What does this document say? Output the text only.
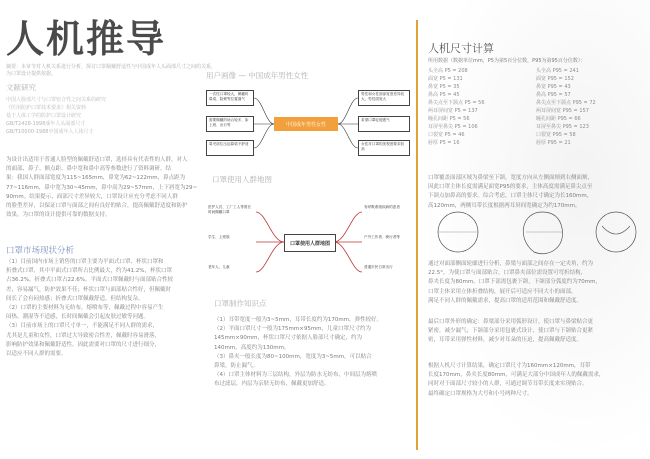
人机推导
摘要：本章节对人机关系进行分析，探讨口罩佩戴舒适性与中国成年人头面部尺寸之间的关系，
为口罩设计提供依据。
文献研究
中国人脸部尺寸与口罩密合性之间关系的研究
《医用防护口罩技术要求》相关资料
基于人体工学的防护口罩设计研究
GB/T2428-1998成年人头面部尺寸
GB/T10000-1988中国成年人人体尺寸
为设计出适用于普通人脸型的佩戴舒适口罩，选择具有代表性的人群，对人
的面部、鼻子、额点距、鼻中宽和鼻中高等参数进行了资料调研。结
果：我国人群面部宽度为115~165mm，鼻宽为62~122mm，鼻点距为
77~116mm，鼻中宽为30~45mm，鼻中高为29~57mm，上下唇宽为29~
90mm。结果提示，面部尺寸差异较大，口罩设计应充分考虑不同人群
的脸型差异，以保证口罩与面部之间有良好的贴合，提高佩戴舒适度和防护
效果，为口罩的设计提供可靠的数据支持。
口罩市场现状分析
（1）目前国内市场上销售的口罩主要为平面式口罩、杯状口罩和
折叠式口罩，其中平面式口罩所占比例最大，约为41.2%，杯状口罩
占36.2%，折叠式口罩占22.6%。平面式口罩佩戴时与面部贴合性较
差，容易漏气，防护效果不佳；杯状口罩与面部贴合性好，但佩戴时
间长了会有闷热感；折叠式口罩佩戴舒适，但结构复杂。
（2）口罩的主要材料为无纺布，熔喷布等，佩戴过程中容易产生
闷热、潮湿等不适感，长时间佩戴会引起皮肤过敏等问题。
（3）目前市场上的口罩尺寸单一，不能满足不同人群的需求，
尤其是儿童和女性，口罩过大导致密合性差，佩戴时容易滑落，
影响防护效果和佩戴舒适性。因此需要对口罩的尺寸进行细分，
以适应不同人群的需要。
用户画像 — 中国成年男性女性
一次性口罩较大，佩戴时鼻梁、脸颊等位置漏气
需要佩戴的场合较多，如上班、出行等
鼻夹部位压迫鼻梁不舒适
中国成年男性女性
男性和女性面部宽度差异较大，男性面宽大
希望口罩轻便透气
女性对口罩的美观度要求较高
口罩使用人群地图
医护人员、工厂工人等需长时间佩戴口罩
学生、上班族
老年人、儿童
口罩使用人群地图
有呼吸系统疾病的患者
户外工作者、骑行者等
普通市民日常出行
口罩制作知识点
（1）耳带宽度一般为3~5mm，耳带长度约为170mm，弹性较好。
（2）平面口罩尺寸一般为175mm×95mm，儿童口罩尺寸约为
145mm×90mm，杯状口罩尺寸依据人脸部尺寸确定，约为
140mm，高度约为130mm。
（3）鼻夹一般长度为80~100mm，宽度为3~5mm，可以贴合
鼻梁，防止漏气。
（4）口罩主体材料为三层结构，外层为防水无纺布，中间层为熔喷
布过滤层，内层为亲肤无纺布，佩戴更加舒适。
人机尺寸计算
所用数据（数据单位mm，P5为第5百分位数，P95为第95百分位数）：
头全高 P5 = 208	头全高 P95 = 241
面宽 P5 = 131	面宽 P95 = 152
鼻宽 P5 = 35	鼻宽 P95 = 43
鼻高 P5 = 45	鼻高 P95 = 57
鼻尖点至下颌点 P5 = 56	鼻尖点至下颌点 P95 = 72
两耳屏间宽 P5 = 137	两耳屏间宽 P95 = 157
瞳孔间距 P5 = 56	瞳孔间距 P95 = 66
耳屏至鼻尖 P5 = 106	耳屏至鼻尖 P95 = 123
口裂宽 P5 = 46	口裂宽 P95 = 58
唇厚 P5 = 16	唇厚 P95 = 21
口罩覆盖面部区域为鼻梁至下颌，宽度方向从左侧面颊到右侧面颊，
因此口罩主体长度需满足面宽P95的要求，主体高度需满足鼻尖点至
下颌点加鼻高的要求。综合考虑，口罩主体尺寸确定为长160mm，
高120mm，两侧耳带长度根据两耳屏间宽确定为约170mm。
通过对面部侧面轮廓进行分析，鼻梁与面部之间存在一定夹角，约为
22.5°，为使口罩与面部贴合，口罩鼻夹部位需设置可弯折结构，
鼻夹长度为80mm。口罩下部需包裹下颌，下颌部分弧度约为70mm，
口罩主体采用立体折叠结构，展开后可适应不同大小的面部，
满足不同人群的佩戴需求，提高口罩的适用范围和佩戴舒适度。
最后口罩外形的确定：鼻梁部分采用弧形设计，使口罩与鼻梁贴合更
紧密，减少漏气；下颌部分采用包裹式设计，使口罩与下颌贴合更紧
密，耳带采用弹性材料，减少对耳朵的压迫，提高佩戴舒适度。
根据人机尺寸计算结果，确定口罩尺寸为160mm×120mm，耳带
长度170mm，鼻夹长度80mm，可满足大部分中国成年人的佩戴需求，
同时对于面部尺寸较小的人群，可通过调节耳带长度来实现贴合。
最终确定口罩规格为大号和小号两种尺寸。
